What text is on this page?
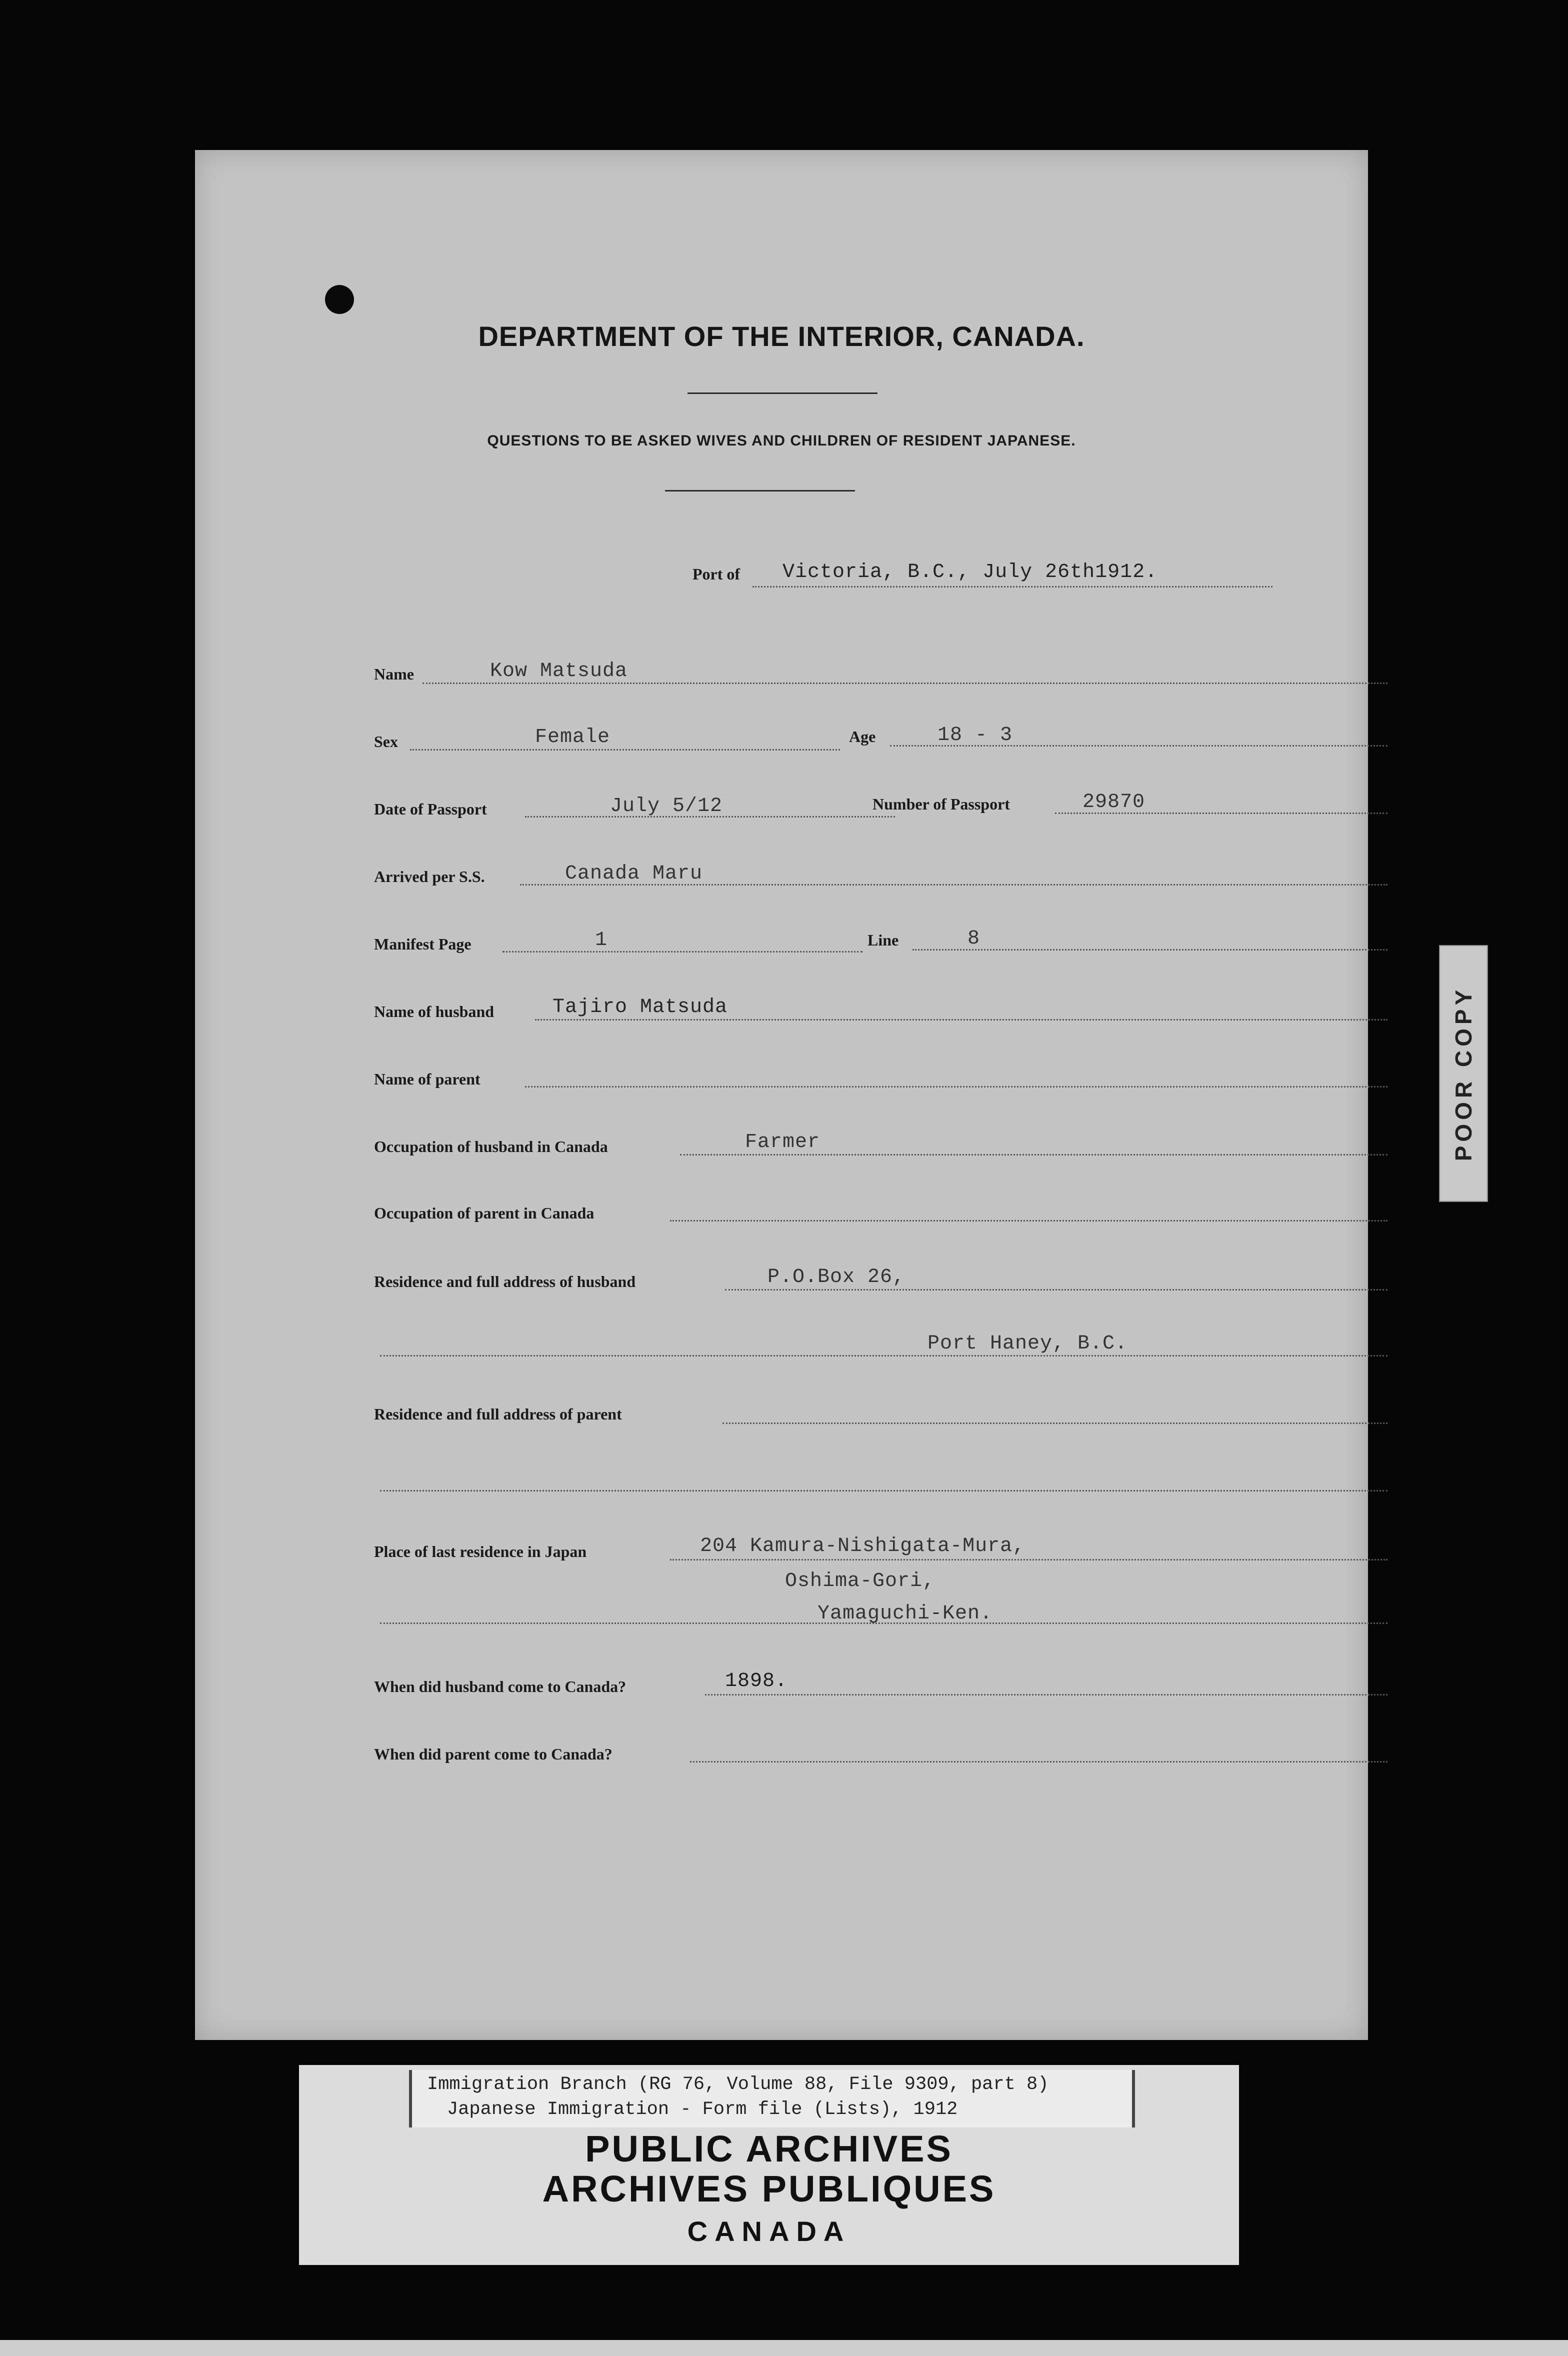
DEPARTMENT OF THE INTERIOR, CANADA.
QUESTIONS TO BE ASKED WIVES AND CHILDREN OF RESIDENT JAPANESE.
Port of Victoria, B.C., July 26th1912.
Name	Kow Matsuda
Sex	Female	Age	18 - 3
Date of Passport	July 5/12	Number of Passport	29870
Arrived per S.S.	Canada Maru
Manifest Page	1	Line	8
Name of husband	Tajiro Matsuda
Name of parent
Occupation of husband in Canada	Farmer
Occupation of parent in Canada
Residence and full address of husband	P.O.Box 26,
Port Haney, B.C.
Residence and full address of parent
Place of last residence in Japan	204 Kamura-Nishigata-Mura,
Oshima-Gori,
Yamaguchi-Ken.
When did husband come to Canada?	1898.
When did parent come to Canada?
POOR COPY
Immigration Branch (RG 76, Volume 88, File 9309, part 8)
Japanese Immigration - Form file (Lists), 1912
PUBLIC ARCHIVES
ARCHIVES PUBLIQUES
CANADA
